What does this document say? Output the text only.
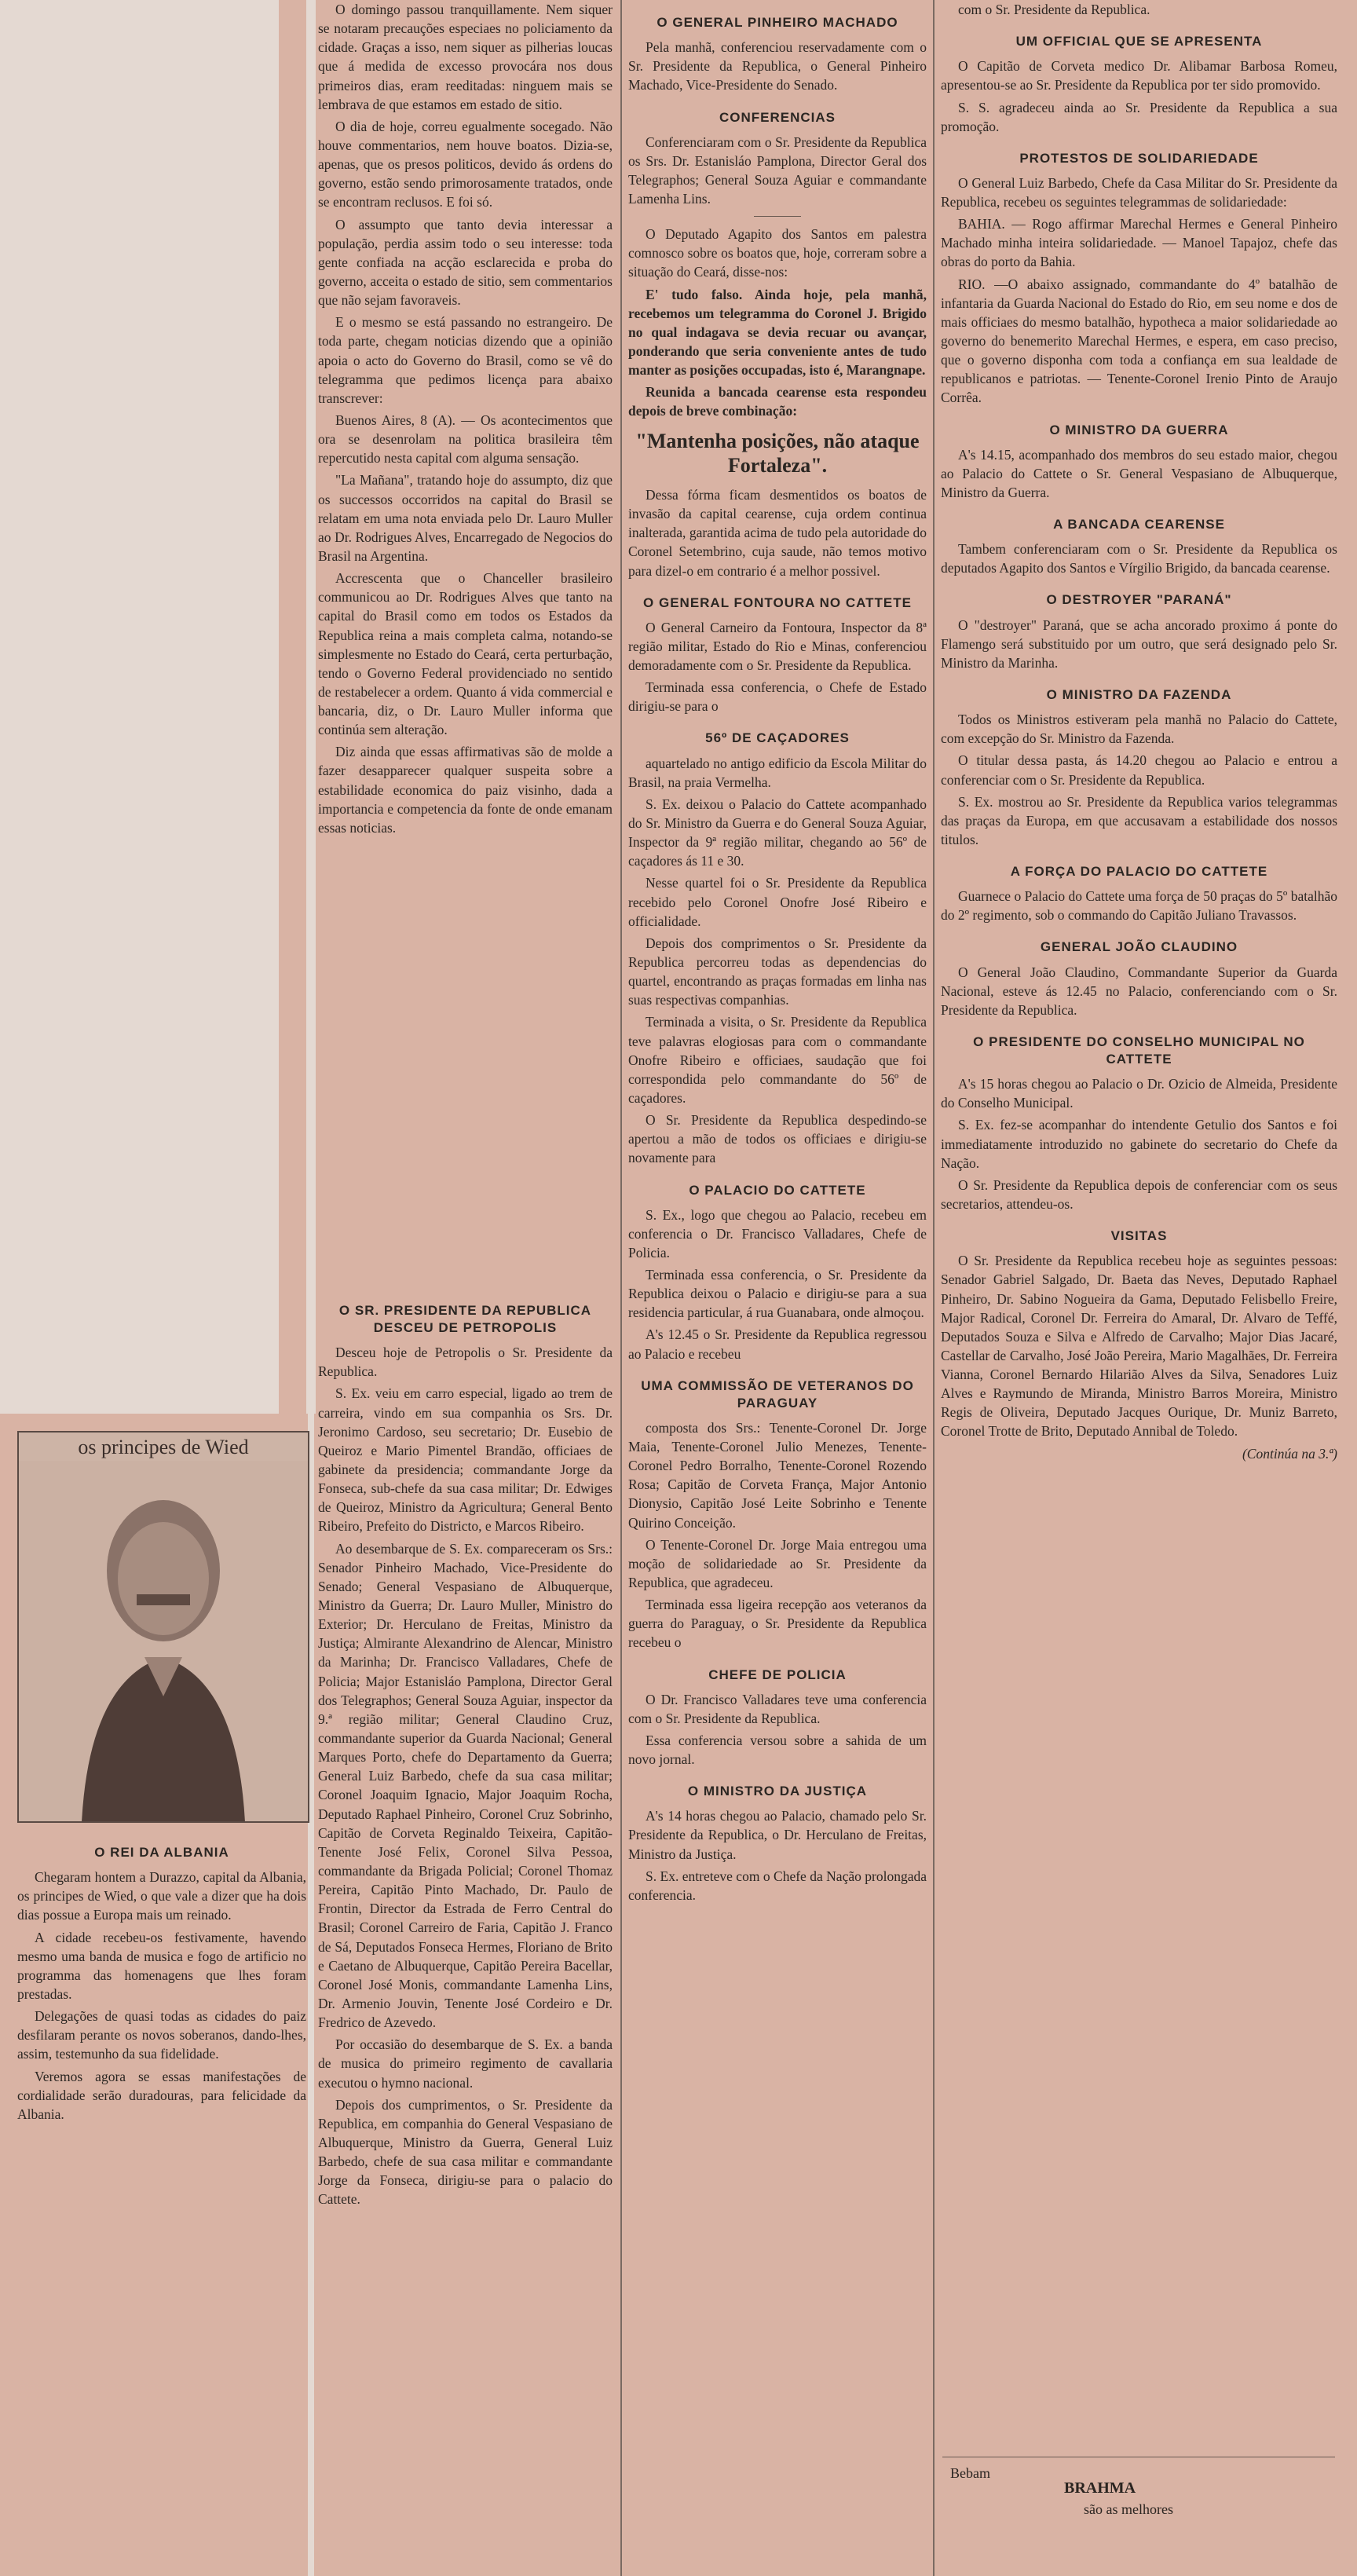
O domingo passou tranquillamente. Nem siquer se notaram precauções especiaes no policiamento da cidade. Graças a isso, nem siquer as pilherias loucas que á medida de excesso provocára nos dous primeiros dias, eram reeditadas: ninguem mais se lembrava de que estamos em estado de sitio.

O dia de hoje, correu egualmente socegado. Não houve commentarios, nem houve boatos. Dizia-se, apenas, que os presos politicos, devido ás ordens do governo, estão sendo primorosamente tratados, onde se encontram reclusos. E foi só.

O assumpto que tanto devia interessar a população, perdia assim todo o seu interesse: toda gente confiada na acção esclarecida e proba do governo, acceita o estado de sitio, sem commentarios que não sejam favoraveis.

E o mesmo se está passando no estrangeiro. De toda parte, chegam noticias dizendo que a opinião apoia o acto do Governo do Brasil, como se vê do telegramma que pedimos licença para abaixo transcrever:

Buenos Aires, 8 (A). — Os acontecimentos que ora se desenrolam na politica brasileira têm repercutido nesta capital com alguma sensação.

"La Mañana", tratando hoje do assumpto, diz que os successos occorridos na capital do Brasil se relatam em uma nota enviada pelo Dr. Lauro Muller ao Dr. Rodrigues Alves, Encarregado de Negocios do Brasil na Argentina.

Accrescenta que o Chanceller brasileiro communicou ao Dr. Rodrigues Alves que tanto na capital do Brasil como em todos os Estados da Republica reina a mais completa calma, notando-se simplesmente no Estado do Ceará, certa perturbação, tendo o Governo Federal providenciado no sentido de restabelecer a ordem. Quanto á vida commercial e bancaria, diz, o Dr. Lauro Muller informa que continúa sem alteração.

Diz ainda que essas affirmativas são de molde a fazer desapparecer qualquer suspeita sobre a estabilidade economica do paiz visinho, dada a importancia e competencia da fonte de onde emanam essas noticias.

O SR. PRESIDENTE DA REPUBLICA DESCEU DE PETROPOLIS

Desceu hoje de Petropolis o Sr. Presidente da Republica.

S. Ex. veiu em carro especial, ligado ao trem de carreira, vindo em sua companhia os Srs. Dr. Jeronimo Cardoso, seu secretario; Dr. Eusebio de Queiroz e Mario Pimentel Brandão, officiaes de gabinete da presidencia; commandante Jorge da Fonseca, sub-chefe da sua casa militar; Dr. Edwiges de Queiroz, Ministro da Agricultura; General Bento Ribeiro, Prefeito do Districto, e Marcos Ribeiro.

Ao desembarque de S. Ex. compareceram os Srs.: Senador Pinheiro Machado, Vice-Presidente do Senado; General Vespasiano de Albuquerque, Ministro da Guerra; Dr. Lauro Muller, Ministro do Exterior; Dr. Herculano de Freitas, Ministro da Justiça; Almirante Alexandrino de Alencar, Ministro da Marinha; Dr. Francisco Valladares, Chefe de Policia; Major Estanisláo Pamplona, Director Geral dos Telegraphos; General Souza Aguiar, inspector da 9.ª região militar; General Claudino Cruz, commandante superior da Guarda Nacional; General Marques Porto, chefe do Departamento da Guerra; General Luiz Barbedo, chefe da sua casa militar; Coronel Joaquim Ignacio, Major Joaquim Rocha, Deputado Raphael Pinheiro, Coronel Cruz Sobrinho, Capitão de Corveta Reginaldo Teixeira, Capitão-Tenente José Felix, Coronel Silva Pessoa, commandante da Brigada Policial; Coronel Thomaz Pereira, Capitão Pinto Machado, Dr. Paulo de Frontin, Director da Estrada de Ferro Central do Brasil; Coronel Carreiro de Faria, Capitão J. Franco de Sá, Deputados Fonseca Hermes, Floriano de Brito e Caetano de Albuquerque, Capitão Pereira Bacellar, Coronel José Monis, commandante Lamenha Lins, Dr. Armenio Jouvin, Tenente José Cordeiro e Dr. Fredrico de Azevedo.

Por occasião do desembarque de S. Ex. a banda de musica do primeiro regimento de cavallaria executou o hymno nacional.

Depois dos cumprimentos, o Sr. Presidente da Republica, em companhia do General Vespasiano de Albuquerque, Ministro da Guerra, General Luiz Barbedo, chefe de sua casa militar e commandante Jorge da Fonseca, dirigiu-se para o palacio do Cattete.

os principes de Wied
O REI DA ALBANIA

Chegaram hontem a Durazzo, capital da Albania, os principes de Wied, o que vale a dizer que ha dois dias possue a Europa mais um reinado.

A cidade recebeu-os festivamente, havendo mesmo uma banda de musica e fogo de artificio no programma das homenagens que lhes foram prestadas.

Delegações de quasi todas as cidades do paiz desfilaram perante os novos soberanos, dando-lhes, assim, testemunho da sua fidelidade.

Veremos agora se essas manifestações de cordialidade serão duradouras, para felicidade da Albania.

O GENERAL PINHEIRO MACHADO

Pela manhã, conferenciou reservadamente com o Sr. Presidente da Republica, o General Pinheiro Machado, Vice-Presidente do Senado.

CONFERENCIAS

Conferenciaram com o Sr. Presidente da Republica os Srs. Dr. Estanisláo Pamplona, Director Geral dos Telegraphos; General Souza Aguiar e commandante Lamenha Lins.

O Deputado Agapito dos Santos em palestra comnosco sobre os boatos que, hoje, correram sobre a situação do Ceará, disse-nos:

E' tudo falso. Ainda hoje, pela manhã, recebemos um telegramma do Coronel J. Brigido no qual indagava se devia recuar ou avançar, ponderando que seria conveniente antes de tudo manter as posições occupadas, isto é, Marangnape.

Reunida a bancada cearense esta respondeu depois de breve combinação:

"Mantenha posições, não ataque Fortaleza".

Dessa fórma ficam desmentidos os boatos de invasão da capital cearense, cuja ordem continua inalterada, garantida acima de tudo pela autoridade do Coronel Setembrino, cuja saude, não temos motivo para dizel-o em contrario é a melhor possivel.

O GENERAL FONTOURA NO CATTETE

O General Carneiro da Fontoura, Inspector da 8ª região militar, Estado do Rio e Minas, conferenciou demoradamente com o Sr. Presidente da Republica.

Terminada essa conferencia, o Chefe de Estado dirigiu-se para o

56º DE CAÇADORES

aquartelado no antigo edificio da Escola Militar do Brasil, na praia Vermelha.

S. Ex. deixou o Palacio do Cattete acompanhado do Sr. Ministro da Guerra e do General Souza Aguiar, Inspector da 9ª região militar, chegando ao 56º de caçadores ás 11 e 30.

Nesse quartel foi o Sr. Presidente da Republica recebido pelo Coronel Onofre José Ribeiro e officialidade.

Depois dos comprimentos o Sr. Presidente da Republica percorreu todas as dependencias do quartel, encontrando as praças formadas em linha nas suas respectivas companhias.

Terminada a visita, o Sr. Presidente da Republica teve palavras elogiosas para com o commandante Onofre Ribeiro e officiaes, saudação que foi correspondida pelo commandante do 56º de caçadores.

O Sr. Presidente da Republica despedindo-se apertou a mão de todos os officiaes e dirigiu-se novamente para

O PALACIO DO CATTETE

S. Ex., logo que chegou ao Palacio, recebeu em conferencia o Dr. Francisco Valladares, Chefe de Policia.

Terminada essa conferencia, o Sr. Presidente da Republica deixou o Palacio e dirigiu-se para a sua residencia particular, á rua Guanabara, onde almoçou.

A's 12.45 o Sr. Presidente da Republica regressou ao Palacio e recebeu

UMA COMMISSÃO DE VETERANOS DO PARAGUAY

composta dos Srs.: Tenente-Coronel Dr. Jorge Maia, Tenente-Coronel Julio Menezes, Tenente-Coronel Pedro Borralho, Tenente-Coronel Rozendo Rosa; Capitão de Corveta França, Major Antonio Dionysio, Capitão José Leite Sobrinho e Tenente Quirino Conceição.

O Tenente-Coronel Dr. Jorge Maia entregou uma moção de solidariedade ao Sr. Presidente da Republica, que agradeceu.

Terminada essa ligeira recepção aos veteranos da guerra do Paraguay, o Sr. Presidente da Republica recebeu o

CHEFE DE POLICIA

O Dr. Francisco Valladares teve uma conferencia com o Sr. Presidente da Republica.

Essa conferencia versou sobre a sahida de um novo jornal.

O MINISTRO DA JUSTIÇA

A's 14 horas chegou ao Palacio, chamado pelo Sr. Presidente da Republica, o Dr. Herculano de Freitas, Ministro da Justiça.

S. Ex. entreteve com o Chefe da Nação prolongada conferencia.

com o Sr. Presidente da Republica.

UM OFFICIAL QUE SE APRESENTA

O Capitão de Corveta medico Dr. Alibamar Barbosa Romeu, apresentou-se ao Sr. Presidente da Republica por ter sido promovido.

S. S. agradeceu ainda ao Sr. Presidente da Republica a sua promoção.

PROTESTOS DE SOLIDARIEDADE

O General Luiz Barbedo, Chefe da Casa Militar do Sr. Presidente da Republica, recebeu os seguintes telegrammas de solidariedade:

BAHIA. — Rogo affirmar Marechal Hermes e General Pinheiro Machado minha inteira solidariedade. — Manoel Tapajoz, chefe das obras do porto da Bahia.

RIO. —O abaixo assignado, commandante do 4º batalhão de infantaria da Guarda Nacional do Estado do Rio, em seu nome e dos de mais officiaes do mesmo batalhão, hypotheca a maior solidariedade ao governo do benemerito Marechal Hermes, e espera, em caso preciso, que o governo disponha com toda a confiança em sua lealdade de republicanos e patriotas. — Tenente-Coronel Irenio Pinto de Araujo Corrêa.

O MINISTRO DA GUERRA

A's 14.15, acompanhado dos membros do seu estado maior, chegou ao Palacio do Cattete o Sr. General Vespasiano de Albuquerque, Ministro da Guerra.

A BANCADA CEARENSE

Tambem conferenciaram com o Sr. Presidente da Republica os deputados Agapito dos Santos e Vírgilio Brigido, da bancada cearense.

O DESTROYER "PARANÁ"

O "destroyer" Paraná, que se acha ancorado proximo á ponte do Flamengo será substituido por um outro, que será designado pelo Sr. Ministro da Marinha.

O MINISTRO DA FAZENDA

Todos os Ministros estiveram pela manhã no Palacio do Cattete, com excepção do Sr. Ministro da Fazenda.

O titular dessa pasta, ás 14.20 chegou ao Palacio e entrou a conferenciar com o Sr. Presidente da Republica.

S. Ex. mostrou ao Sr. Presidente da Republica varios telegrammas das praças da Europa, em que accusavam a estabilidade dos nossos titulos.

A FORÇA DO PALACIO DO CATTETE

Guarnece o Palacio do Cattete uma força de 50 praças do 5º batalhão do 2º regimento, sob o commando do Capitão Juliano Travassos.

GENERAL JOÃO CLAUDINO

O General João Claudino, Commandante Superior da Guarda Nacional, esteve ás 12.45 no Palacio, conferenciando com o Sr. Presidente da Republica.

O PRESIDENTE DO CONSELHO MUNICIPAL NO CATTETE

A's 15 horas chegou ao Palacio o Dr. Ozicio de Almeida, Presidente do Conselho Municipal.

S. Ex. fez-se acompanhar do intendente Getulio dos Santos e foi immediatamente introduzido no gabinete do secretario do Chefe da Nação.

O Sr. Presidente da Republica depois de conferenciar com os seus secretarios, attendeu-os.

VISITAS

O Sr. Presidente da Republica recebeu hoje as seguintes pessoas: Senador Gabriel Salgado, Dr. Baeta das Neves, Deputado Raphael Pinheiro, Dr. Sabino Nogueira da Gama, Deputado Felisbello Freire, Major Radical, Coronel Dr. Ferreira do Amaral, Dr. Alvaro de Teffé, Deputados Souza e Silva e Alfredo de Carvalho; Major Dias Jacaré, Castellar de Carvalho, José João Pereira, Mario Magalhães, Dr. Ferreira Vianna, Coronel Bernardo Hilarião Alves da Silva, Senadores Luiz Alves e Raymundo de Miranda, Ministro Barros Moreira, Ministro Regis de Oliveira, Deputado Jacques Ourique, Dr. Muniz Barreto, Coronel Trotte de Brito, Deputado Annibal de Toledo.

(Continúa na 3.ª)

Bebam
BRAHMA
são as melhores
